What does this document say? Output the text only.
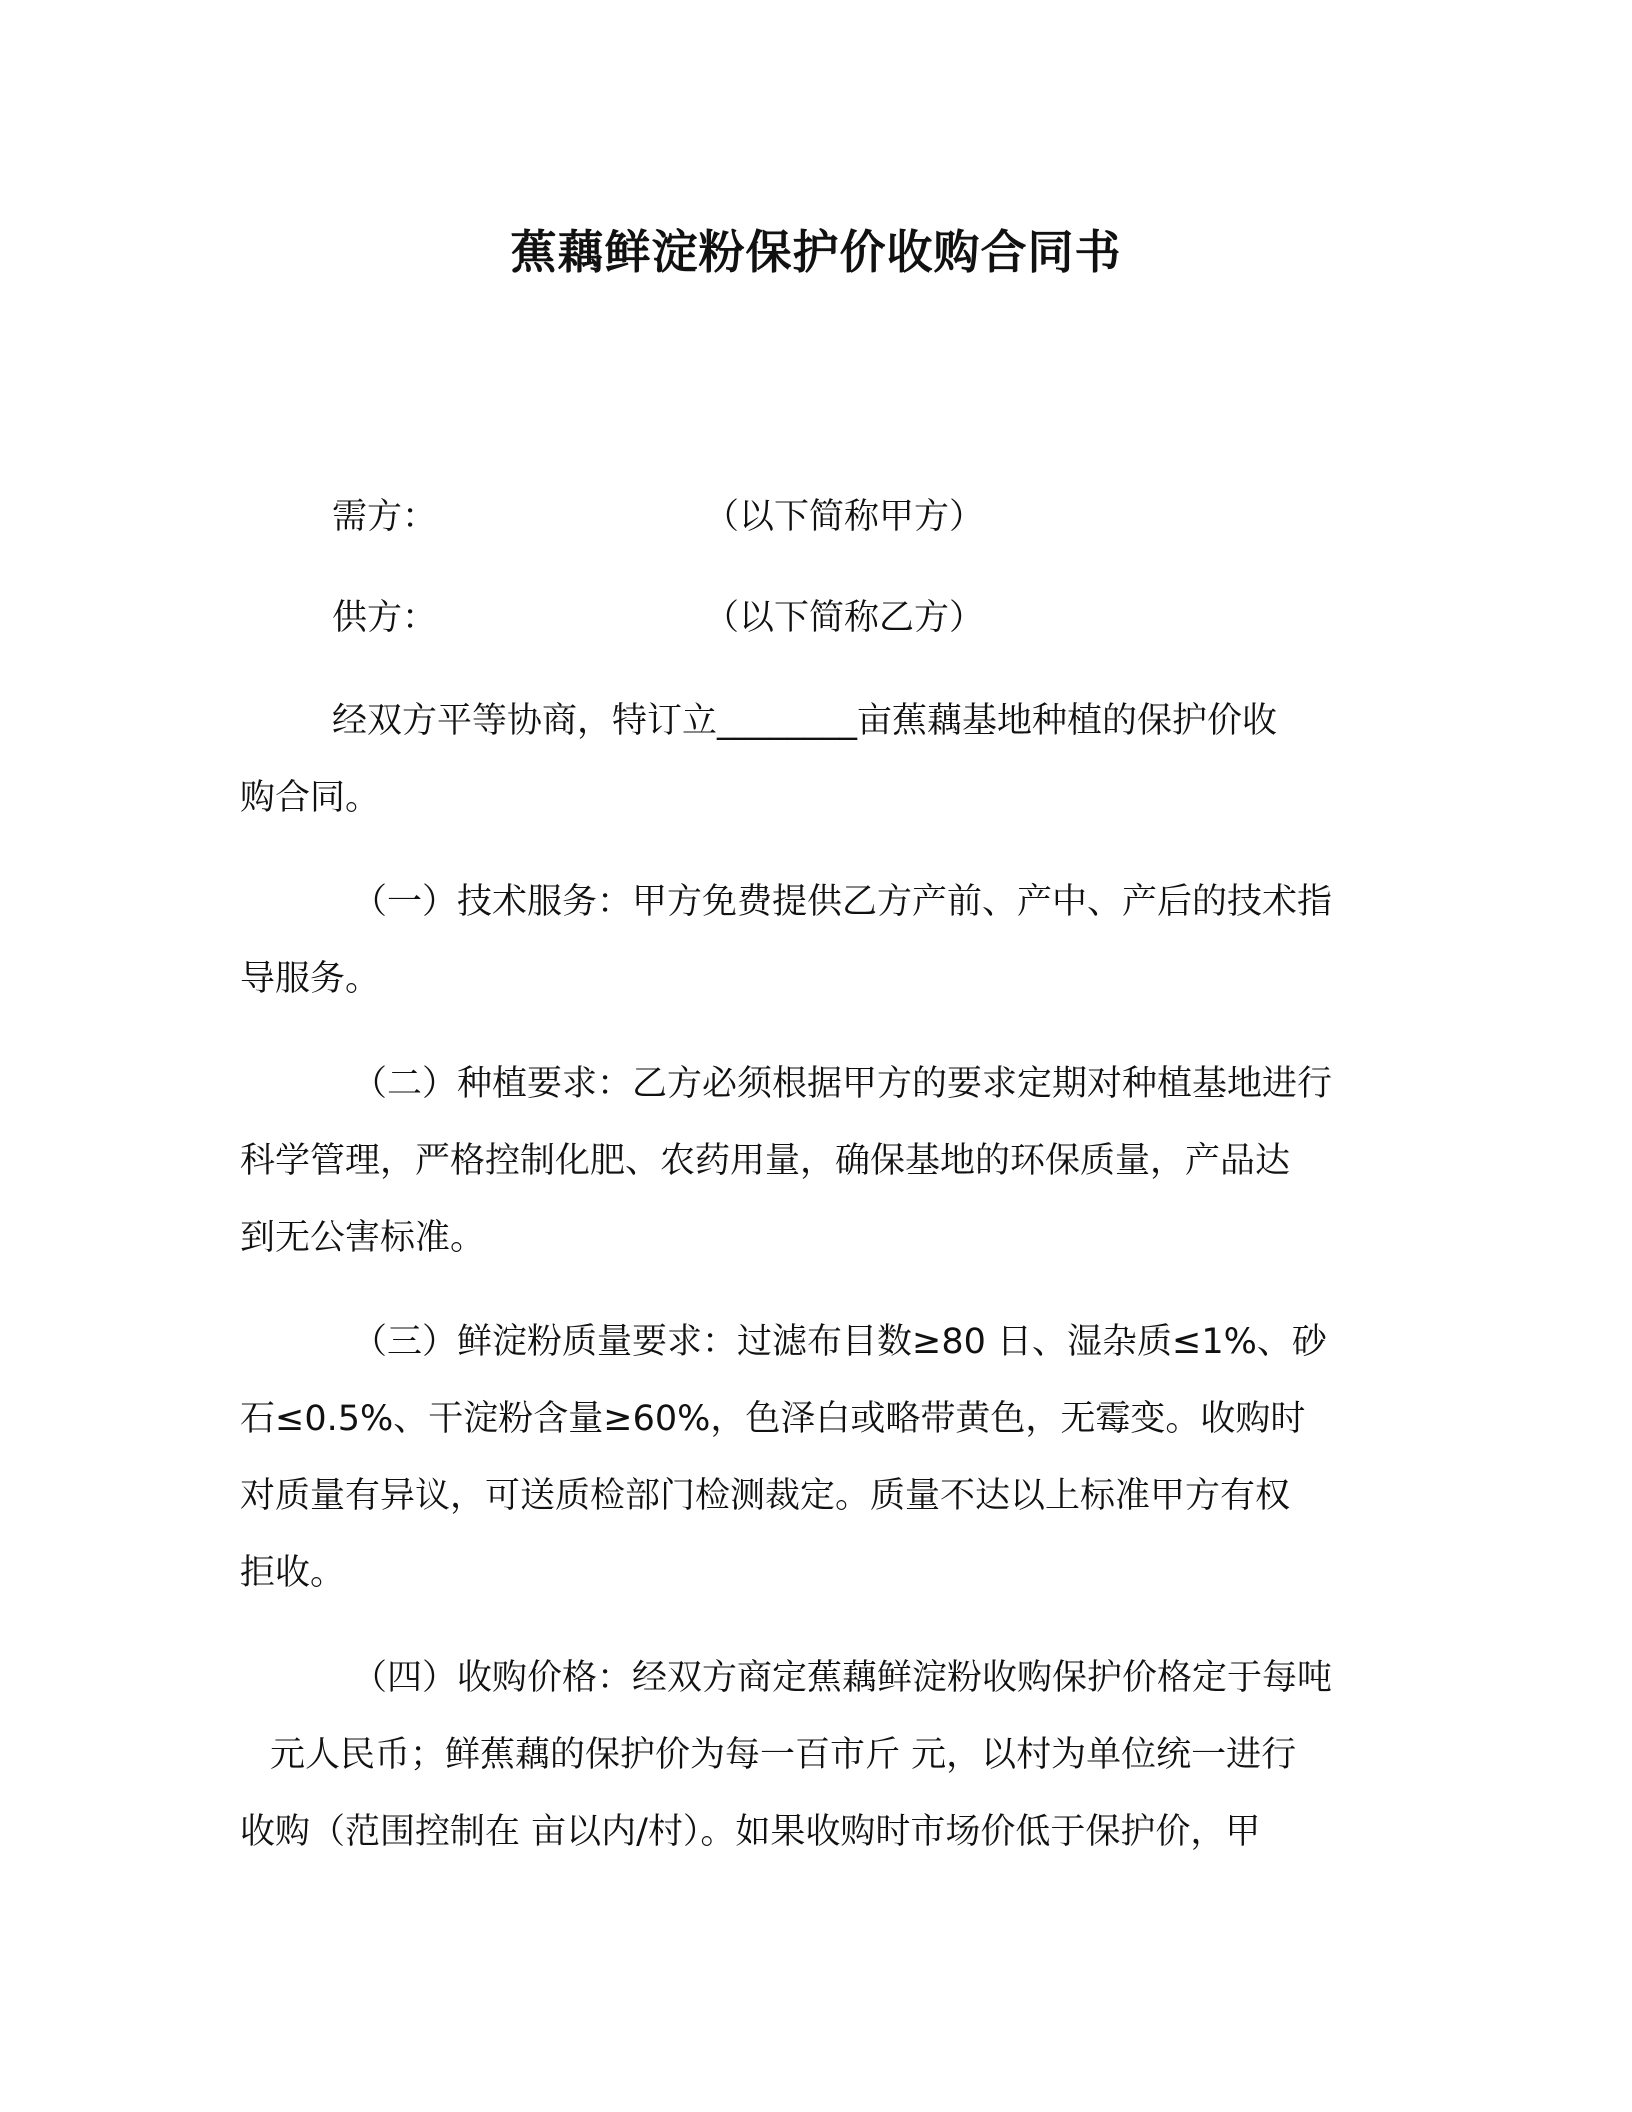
蕉藕鲜淀粉保护价收购合同书
需方：	（以下简称甲方）
供方：	（以下简称乙方）
经双方平等协商，特订立________亩蕉藕基地种植的保护价收
购合同。
（一）技术服务：甲方免费提供乙方产前、产中、产后的技术指
导服务。
（二）种植要求：乙方必须根据甲方的要求定期对种植基地进行
科学管理，严格控制化肥、农药用量，确保基地的环保质量，产品达
到无公害标准。
（三）鲜淀粉质量要求：过滤布目数≥80 日、湿杂质≤1%、砂
石≤0.5%、干淀粉含量≥60%，色泽白或略带黄色，无霉变。收购时
对质量有异议，可送质检部门检测裁定。质量不达以上标准甲方有权
拒收。
（四）收购价格：经双方商定蕉藕鲜淀粉收购保护价格定于每吨
元人民币；鲜蕉藕的保护价为每一百市斤 元，以村为单位统一进行
收购（范围控制在 亩以内/村）。如果收购时市场价低于保护价，甲
